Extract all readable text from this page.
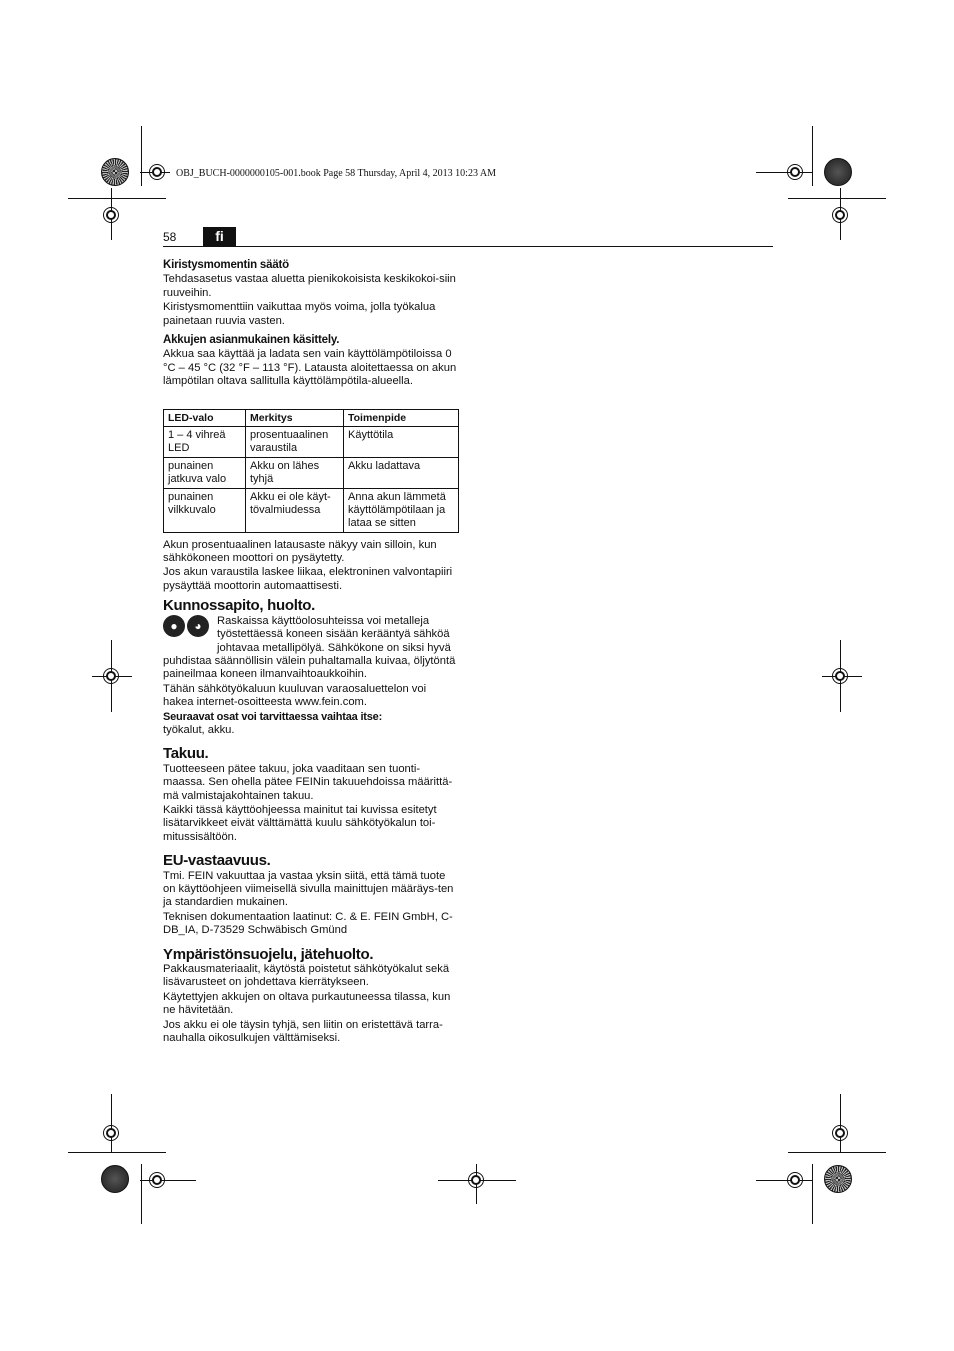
OBJ_BUCH-0000000105-001.book Page 58 Thursday, April 4, 2013 10:23 AM
58	fi
Kiristysmomentin säätö

Tehdasasetus vastaa aluetta pienikokoisista keskikokoi-siin ruuveihin.

Kiristysmomenttiin vaikuttaa myös voima, jolla työkalua painetaan ruuvia vasten.

Akkujen asianmukainen käsittely.

Akkua saa käyttää ja ladata sen vain käyttölämpötiloissa 0 °C – 45 °C (32 °F – 113 °F). Latausta aloitettaessa on akun lämpötilan oltava sallitulla käyttölämpötila-alueella.

LED-valo	Merkitys	Toimenpide
1 – 4 vihreä LED	prosentuaalinen varaustila	Käyttötila
punainen jatkuva valo	Akku on lähes tyhjä	Akku ladattava
punainen vilkkuvalo	Akku ei ole käyt-tövalmiudessa	Anna akun lämmetä käyttölämpötilaan ja lataa se sitten

Akun prosentuaalinen latausaste näkyy vain silloin, kun sähkökoneen moottori on pysäytetty.

Jos akun varaustila laskee liikaa, elektroninen valvontapiiri pysäyttää moottorin automaattisesti.

Kunnossapito, huolto.

● ◕	Raskaissa käyttöolosuhteissa voi metalleja työstettäessä koneen sisään kerääntyä sähköä johtavaa metallipölyä. Sähkökone on siksi hyvä puhdistaa säännöllisin välein puhaltamalla kuivaa, öljytöntä paineilmaa koneen ilmanvaihtoaukkoihin.

Tähän sähkötyökaluun kuuluvan varaosaluettelon voi hakea internet-osoitteesta www.fein.com.

Seuraavat osat voi tarvittaessa vaihtaa itse:

työkalut, akku.

Takuu.

Tuotteeseen pätee takuu, joka vaaditaan sen tuonti-maassa. Sen ohella pätee FEINin takuuehdoissa määrittä-mä valmistajakohtainen takuu.

Kaikki tässä käyttöohjeessa mainitut tai kuvissa esitetyt lisätarvikkeet eivät välttämättä kuulu sähkötyökalun toi-mitussisältöön.

EU-vastaavuus.

Tmi. FEIN vakuuttaa ja vastaa yksin siitä, että tämä tuote on käyttöohjeen viimeisellä sivulla mainittujen määräys-ten ja standardien mukainen.

Teknisen dokumentaation laatinut: C. & E. FEIN GmbH, C-DB_IA, D-73529 Schwäbisch Gmünd

Ympäristönsuojelu, jätehuolto.

Pakkausmateriaalit, käytöstä poistetut sähkötyökalut sekä lisävarusteet on johdettava kierrätykseen.

Käytettyjen akkujen on oltava purkautuneessa tilassa, kun ne hävitetään.

Jos akku ei ole täysin tyhjä, sen liitin on eristettävä tarra-nauhalla oikosulkujen välttämiseksi.
